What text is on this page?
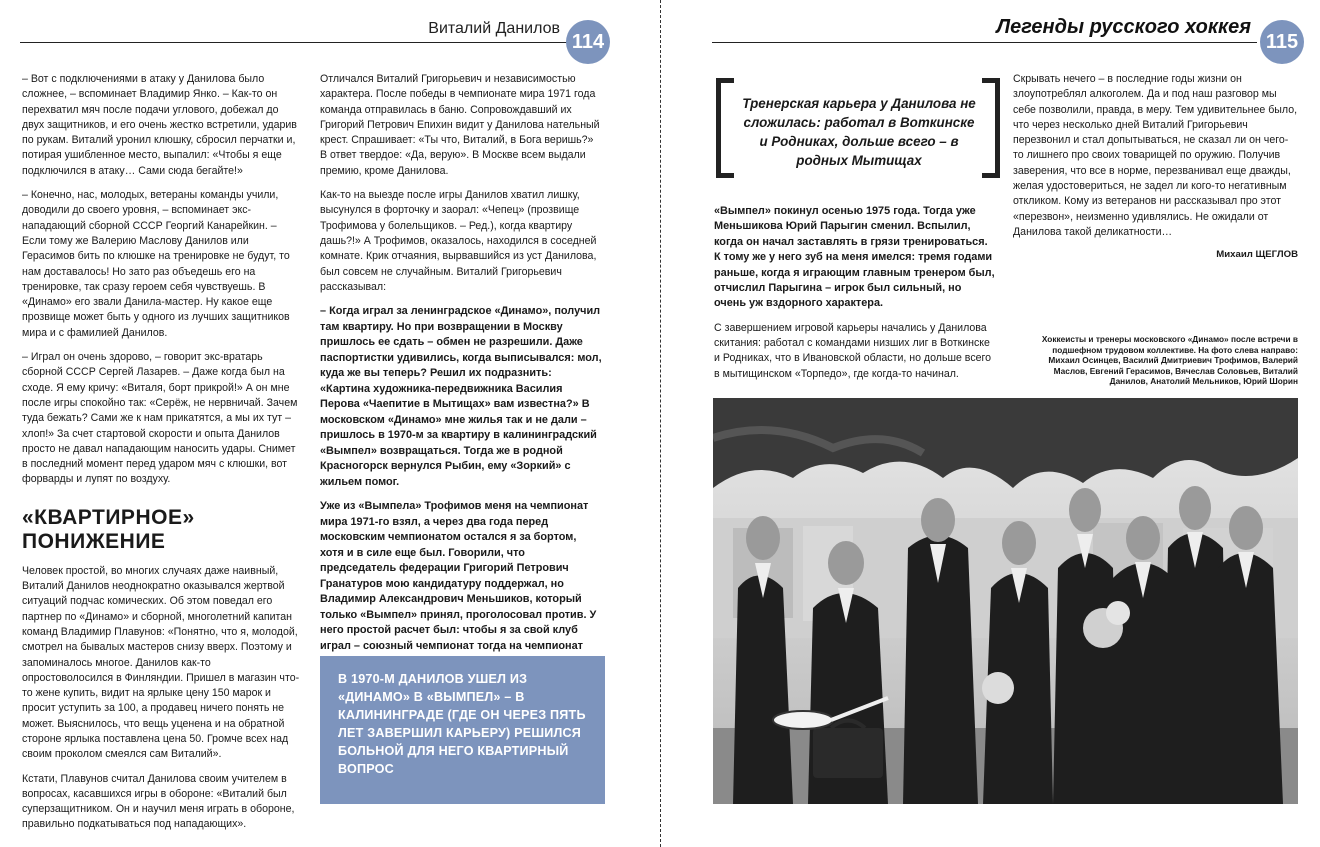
Виталий Данилов
114

– Вот с подключениями в атаку у Данилова было сложнее, – вспоминает Владимир Янко. – Как-то он перехватил мяч после подачи углового, добежал до двух защитников, и его очень жестко встретили, ударив по рукам. Виталий уронил клюшку, сбросил перчатки и, потирая ушибленное место, выпалил: «Чтобы я еще подключился в атаку… Сами сюда бегайте!»

– Конечно, нас, молодых, ветераны команды учили, доводили до своего уровня, – вспоминает экс-нападающий сборной СССР Георгий Канарейкин. – Если тому же Валерию Маслову Данилов или Герасимов бить по клюшке на тренировке не будут, то нам доставалось! Но зато раз объедешь его на тренировке, так сразу героем себя чувствуешь. В «Динамо» его звали Данила-мастер. Ну какое еще прозвище может быть у одного из лучших защитников мира и с фамилией Данилов.

– Играл он очень здорово, – говорит экс-вратарь сборной СССР Сергей Лазарев. – Даже когда был на сходе. Я ему кричу: «Виталя, борт прикрой!» А он мне после игры спокойно так: «Серёж, не нервничай. Зачем туда бежать? Сами же к нам прикатятся, а мы их тут – хлоп!» За счет стартовой скорости и опыта Данилов просто не давал нападающим наносить удары. Снимет в последний момент перед ударом мяч с клюшки, вот форварды и лупят по воздуху.

«КВАРТИРНОЕ»

ПОНИЖЕНИЕ

Человек простой, во многих случаях даже наивный, Виталий Данилов неоднократно оказывался жертвой ситуаций подчас комических. Об этом поведал его партнер по «Динамо» и сборной, многолетний капитан команд Владимир Плавунов: «Понятно, что я, молодой, смотрел на бывалых мастеров снизу вверх. Поэтому и запоминалось многое. Данилов как-то опростоволосился в Финляндии. Пришел в магазин что-то жене купить, видит на ярлыке цену 150 марок и просит уступить за 100, а продавец ничего понять не может. Выяснилось, что вещь уценена и на обратной стороне ярлыка поставлена цена 50. Громче всех над своим проколом смеялся сам Виталий».

Кстати, Плавунов считал Данилова своим учителем в вопросах, касавшихся игры в обороне: «Виталий был суперзащитником. Он и научил меня играть в обороне, правильно подкатываться под нападающих».

Отличался Виталий Григорьевич и независимостью характера. После победы в чемпионате мира 1971 года команда отправилась в баню. Сопровождавший их Григорий Петрович Епихин видит у Данилова нательный крест. Спрашивает: «Ты что, Виталий, в Бога веришь?» В ответ твердое: «Да, верую». В Москве всем выдали премию, кроме Данилова.

Как-то на выезде после игры Данилов хватил лишку, высунулся в форточку и заорал: «Чепец» (прозвище Трофимова у болельщиков. – Ред.), когда квартиру дашь?!» А Трофимов, оказалось, находился в соседней комнате. Крик отчаяния, вырвавшийся из уст Данилова, был совсем не случайным. Виталий Григорьевич рассказывал:

– Когда играл за ленинградское «Динамо», получил там квартиру. Но при возвращении в Москву пришлось ее сдать – обмен не разрешили. Даже паспортистки удивились, когда выписывался: мол, куда же вы теперь? Решил их подразнить: «Картина художника-передвижника Василия Перова «Чаепитие в Мытищах» вам известна?» В московском «Динамо» мне жилья так и не дали – пришлось в 1970-м за квартиру в калининградский «Вымпел» возвращаться. Тогда же в родной Красногорск вернулся Рыбин, ему «Зоркий» с жильем помог.

Уже из «Вымпела» Трофимов меня на чемпионат мира 1971-го взял, а через два года перед московским чемпионатом остался я за бортом, хотя и в силе еще был. Говорили, что председатель федерации Григорий Петрович Гранатуров мою кандидатуру поддержал, но Владимир Александрович Меньшиков, который только «Вымпел» принял, проголосовал против. У него простой расчет был: чтобы я за свой клуб играл – союзный чемпионат тогда на чемпионат

В 1970-М ДАНИЛОВ УШЕЛ ИЗ «ДИНАМО» В «ВЫМПЕЛ» – В КАЛИНИНГРАДЕ (ГДЕ ОН ЧЕРЕЗ ПЯТЬ ЛЕТ ЗАВЕРШИЛ КАРЬЕРУ) РЕШИЛСЯ БОЛЬНОЙ ДЛЯ НЕГО КВАРТИРНЫЙ ВОПРОС
Легенды русского хоккея
115
Тренерская карьера у Данилова не сложилась: работал в Воткинске и Родниках, дольше всего – в родных Мытищах

«Вымпел» покинул осенью 1975 года. Тогда уже Меньшикова Юрий Парыгин сменил. Вспылил, когда он начал заставлять в грязи тренироваться. К тому же у него зуб на меня имелся: тремя годами раньше, когда я играющим главным тренером был, отчислил Парыгина – игрок был сильный, но очень уж вздорного характера.

С завершением игровой карьеры начались у Данилова скитания: работал с командами низших лиг в Воткинске и Родниках, что в Ивановской области, но дольше всего в мытищинском «Торпедо», где когда-то начинал.

Скрывать нечего – в последние годы жизни он злоупотреблял алкоголем. Да и под наш разговор мы себе позволили, правда, в меру. Тем удивительнее было, что через несколько дней Виталий Григорьевич перезвонил и стал допытываться, не сказал ли он чего-то лишнего про своих товарищей по оружию. Получив заверения, что все в норме, перезванивал еще дважды, желая удостовериться, не задел ли кого-то негативным откликом. Кому из ветеранов ни рассказывал про этот «перезвон», неизменно удивлялись. Не ожидали от Данилова такой деликатности…

Михаил ЩЕГЛОВ

Хоккеисты и тренеры московского «Динамо» после встречи в подшефном трудовом коллективе. На фото слева направо: Михаил Осинцев, Василий Дмитриевич Трофимов, Валерий Маслов, Евгений Герасимов, Вячеслав Соловьев, Виталий Данилов, Анатолий Мельников, Юрий Шорин
